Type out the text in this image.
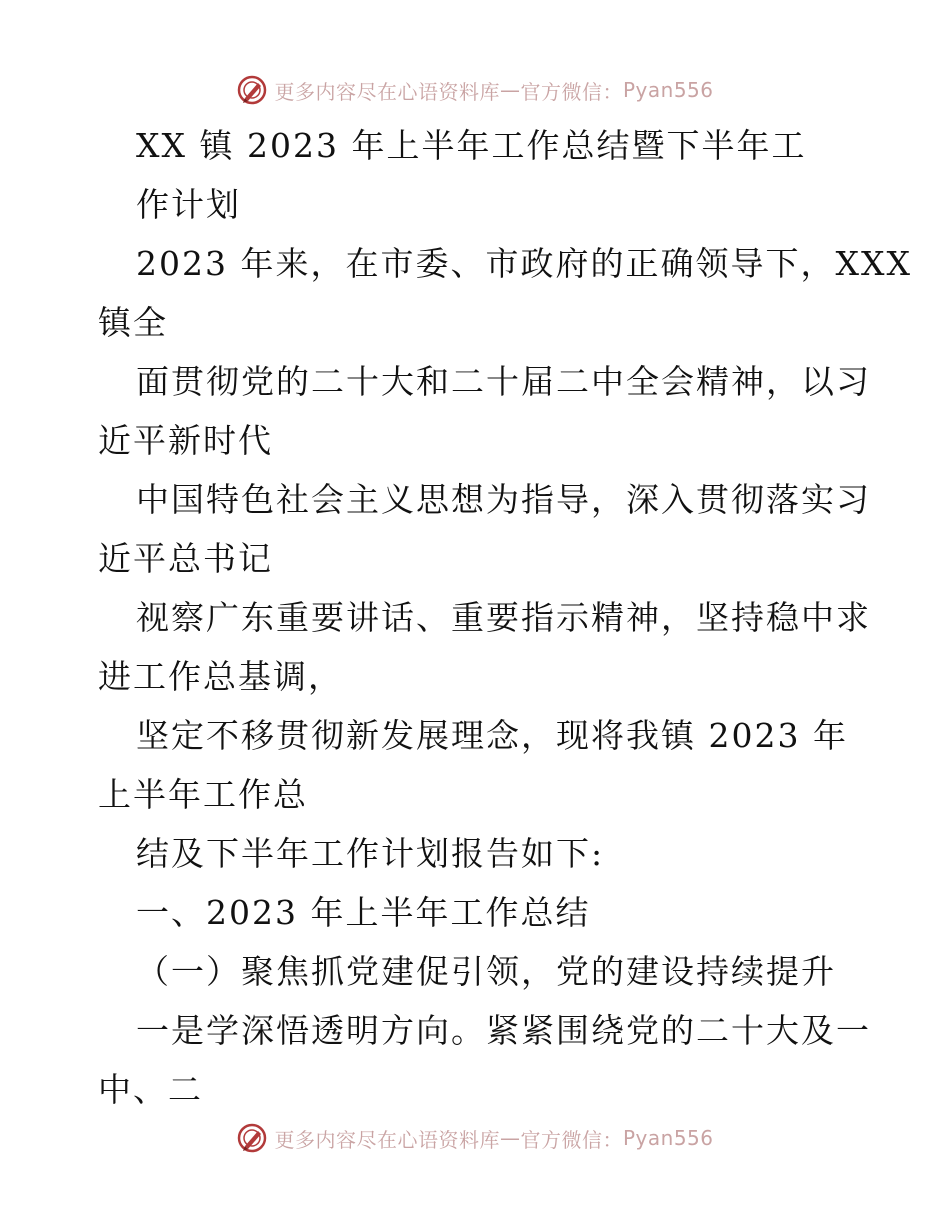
更多内容尽在心语资料库 — 官方微信： Pyan556
XX 镇 2023 年上半年工作总结暨下半年工
作计划
2023 年来，在市委、市政府的正确领导下，XXX
镇全
面贯彻党的二十大和二十届二中全会精神，以习
近平新时代
中国特色社会主义思想为指导，深入贯彻落实习
近平总书记
视察广东重要讲话、重要指示精神，坚持稳中求
进工作总基调，
坚定不移贯彻新发展理念，现将我镇 2023 年
上半年工作总
结及下半年工作计划报告如下:
一、2023 年上半年工作总结
（一）聚焦抓党建促引领，党的建设持续提升
一是学深悟透明方向。紧紧围绕党的二十大及一
中、二
更多内容尽在心语资料库 — 官方微信： Pyan556
